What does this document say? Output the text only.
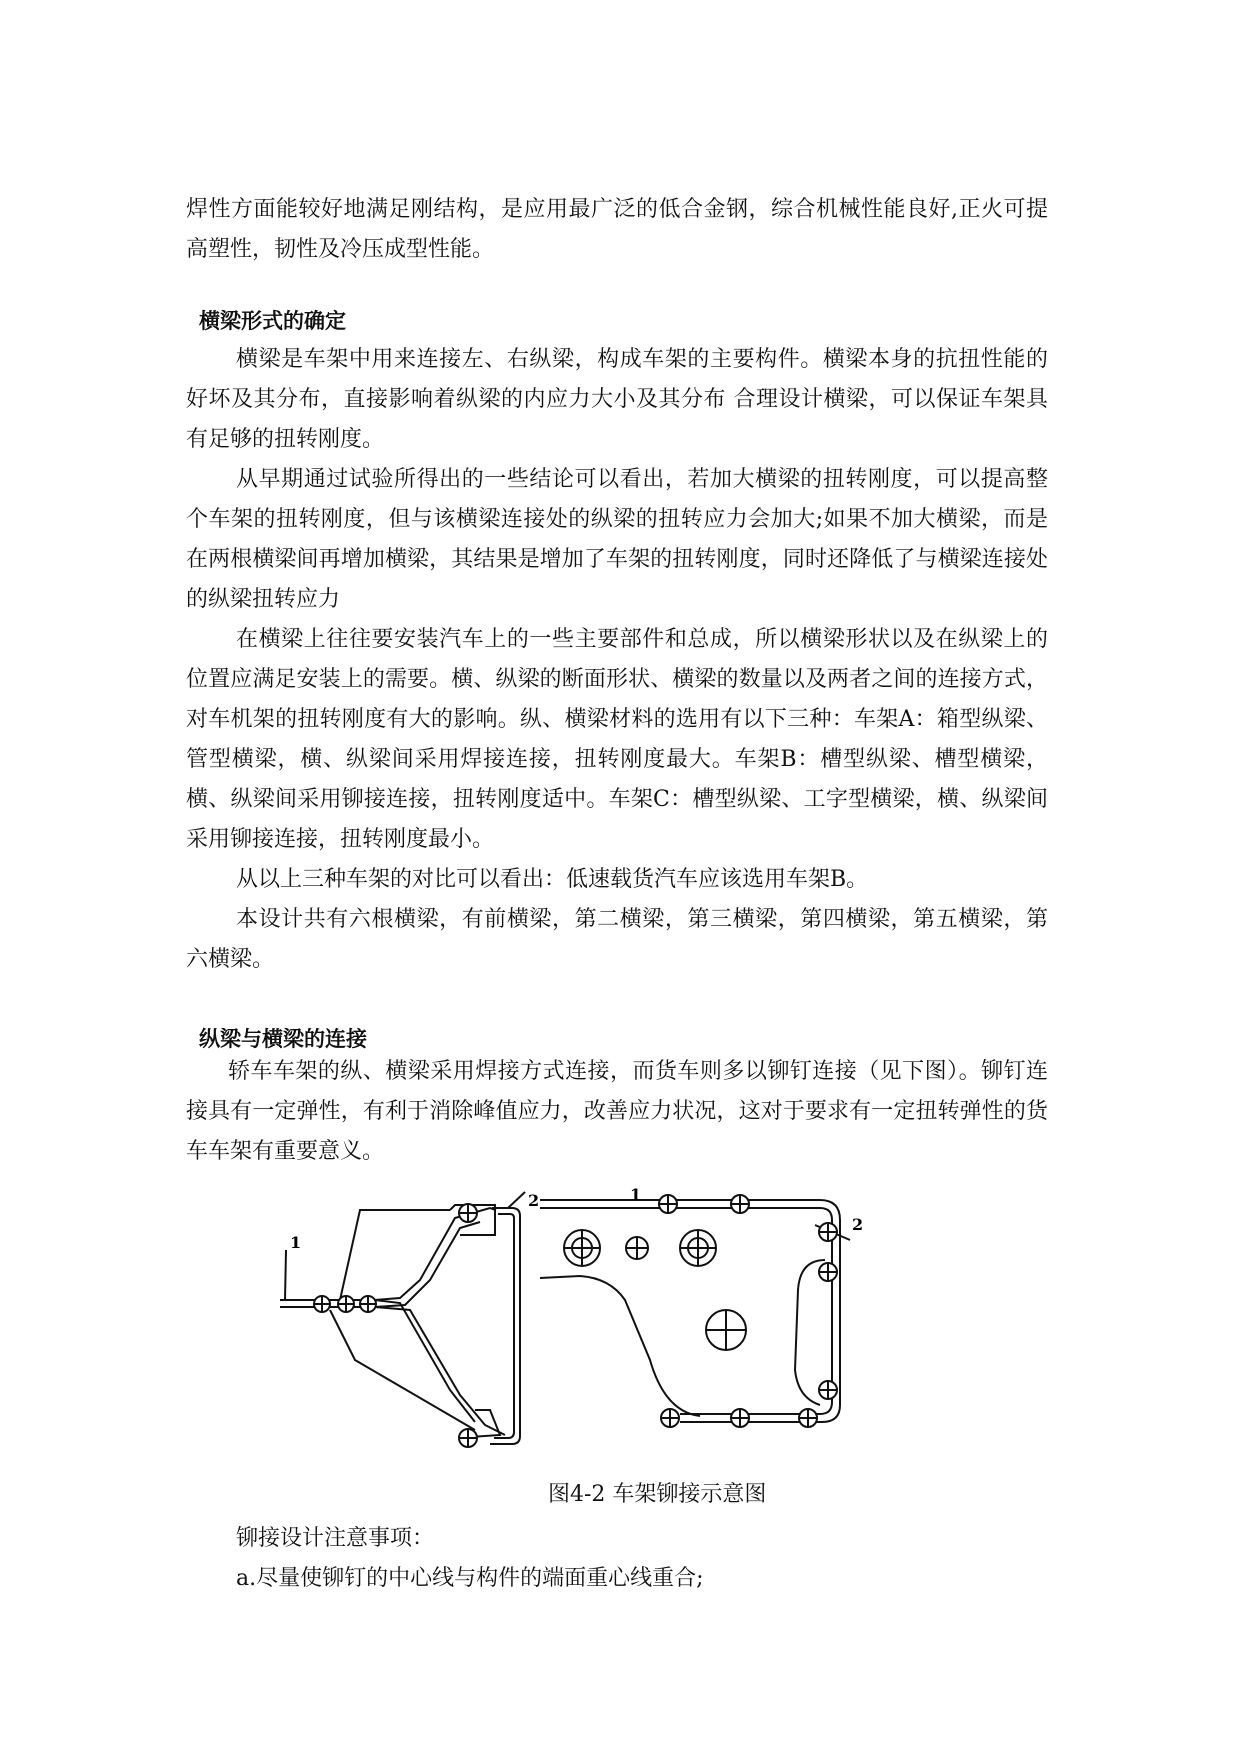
焊性方面能较好地满足刚结构，是应用最广泛的低合金钢，综合机械性能良好,正火可提高塑性，韧性及冷压成型性能。

横梁形式的确定

横梁是车架中用来连接左、右纵梁，构成车架的主要构件。横梁本身的抗扭性能的好坏及其分布，直接影响着纵梁的内应力大小及其分布 合理设计横梁，可以保证车架具有足够的扭转刚度。

从早期通过试验所得出的一些结论可以看出，若加大横梁的扭转刚度，可以提高整个车架的扭转刚度，但与该横梁连接处的纵梁的扭转应力会加大;如果不加大横梁，而是在两根横梁间再增加横梁，其结果是增加了车架的扭转刚度，同时还降低了与横梁连接处的纵梁扭转应力

在横梁上往往要安装汽车上的一些主要部件和总成，所以横梁形状以及在纵梁上的位置应满足安装上的需要。横、纵梁的断面形状、横梁的数量以及两者之间的连接方式，对车机架的扭转刚度有大的影响。纵、横梁材料的选用有以下三种：车架A：箱型纵梁、管型横梁，横、纵梁间采用焊接连接，扭转刚度最大。车架B：槽型纵梁、槽型横梁，横、纵梁间采用铆接连接，扭转刚度适中。车架C：槽型纵梁、工字型横梁，横、纵梁间采用铆接连接，扭转刚度最小。

从以上三种车架的对比可以看出：低速载货汽车应该选用车架B。

本设计共有六根横梁，有前横梁，第二横梁，第三横梁，第四横梁，第五横梁，第六横梁。

纵梁与横梁的连接

轿车车架的纵、横梁采用焊接方式连接，而货车则多以铆钉连接（见下图）。铆钉连接具有一定弹性，有利于消除峰值应力，改善应力状况，这对于要求有一定扭转弹性的货车车架有重要意义。

1
2	1
2

图4-2 车架铆接示意图

铆接设计注意事项：

a.尽量使铆钉的中心线与构件的端面重心线重合;
